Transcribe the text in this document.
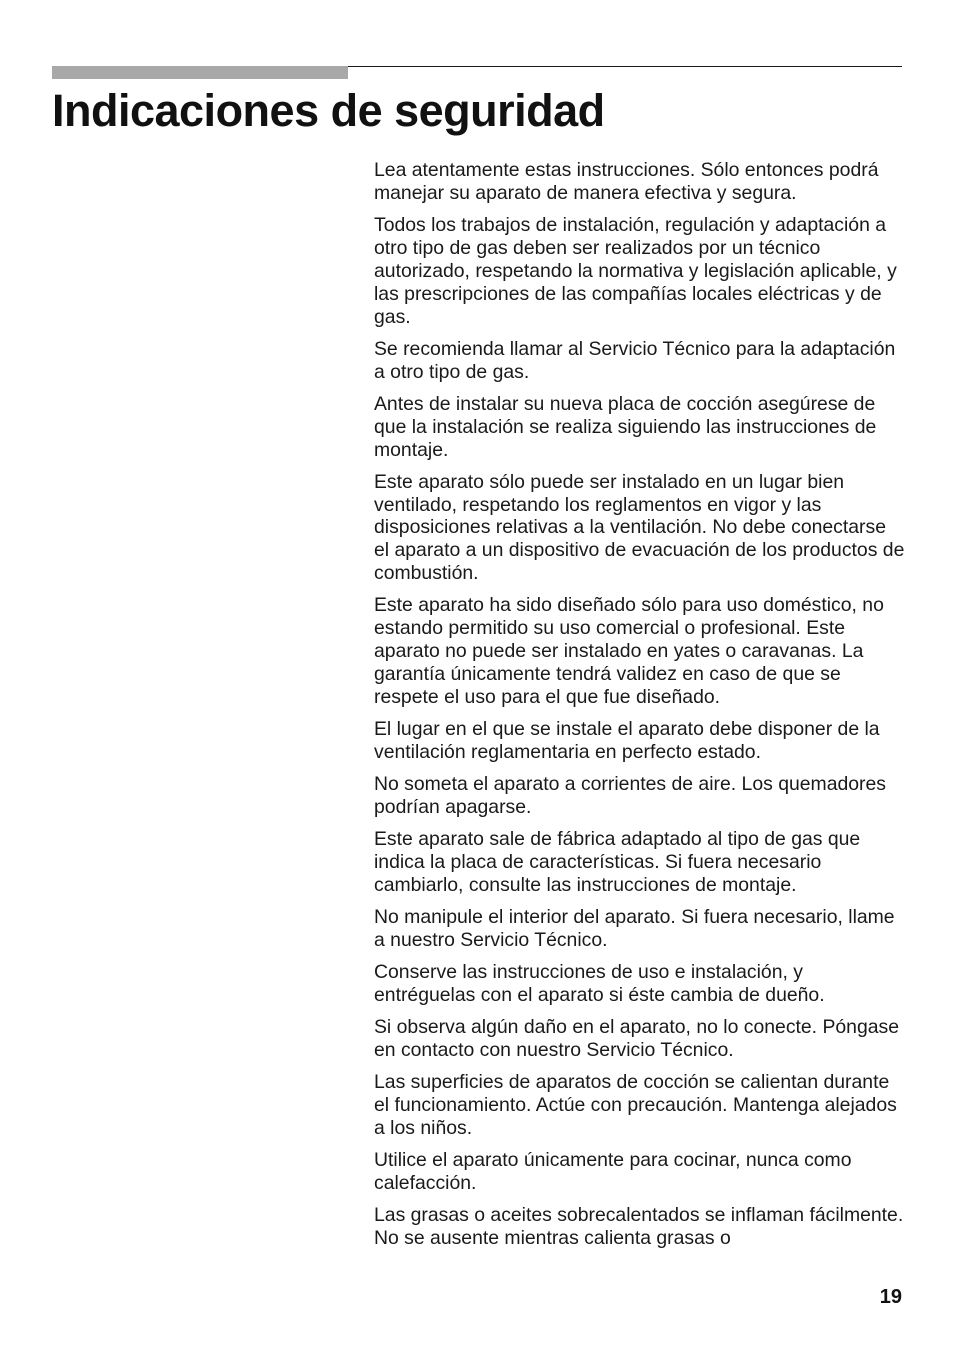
Indicaciones de seguridad

Lea atentamente estas instrucciones. Sólo entonces podrá manejar su aparato de manera efectiva y segura.

Todos los trabajos de instalación, regulación y adaptación a otro tipo de gas deben ser realizados por un técnico autorizado, respetando la normativa y legislación aplicable, y las prescripciones de las compañías locales eléctricas y de gas.

Se recomienda llamar al Servicio Técnico para la adaptación a otro tipo de gas.

Antes de instalar su nueva placa de cocción asegúrese de que la instalación se realiza siguiendo las instrucciones de montaje.

Este aparato sólo puede ser instalado en un lugar bien ventilado, respetando los reglamentos en vigor y las disposiciones relativas a la ventilación. No debe conectarse el aparato a un dispositivo de evacuación de los productos de combustión.

Este aparato ha sido diseñado sólo para uso doméstico, no estando permitido su uso comercial o profesional. Este aparato no puede ser instalado en yates o caravanas. La garantía únicamente tendrá validez en caso de que se respete el uso para el que fue diseñado.

El lugar en el que se instale el aparato debe disponer de la ventilación reglamentaria en perfecto estado.

No someta el aparato a corrientes de aire. Los quemadores podrían apagarse.

Este aparato sale de fábrica adaptado al tipo de gas que indica la placa de características. Si fuera necesario cambiarlo, consulte las instrucciones de montaje.

No manipule el interior del aparato. Si fuera necesario, llame a nuestro Servicio Técnico.

Conserve las instrucciones de uso e instalación, y entréguelas con el aparato si éste cambia de dueño.

Si observa algún daño en el aparato, no lo conecte. Póngase en contacto con nuestro Servicio Técnico.

Las superficies de aparatos de cocción se calientan durante el funcionamiento. Actúe con precaución. Mantenga alejados a los niños.

Utilice el aparato únicamente para cocinar, nunca como calefacción.

Las grasas o aceites sobrecalentados se inflaman fácilmente. No se ausente mientras calienta grasas o

19
